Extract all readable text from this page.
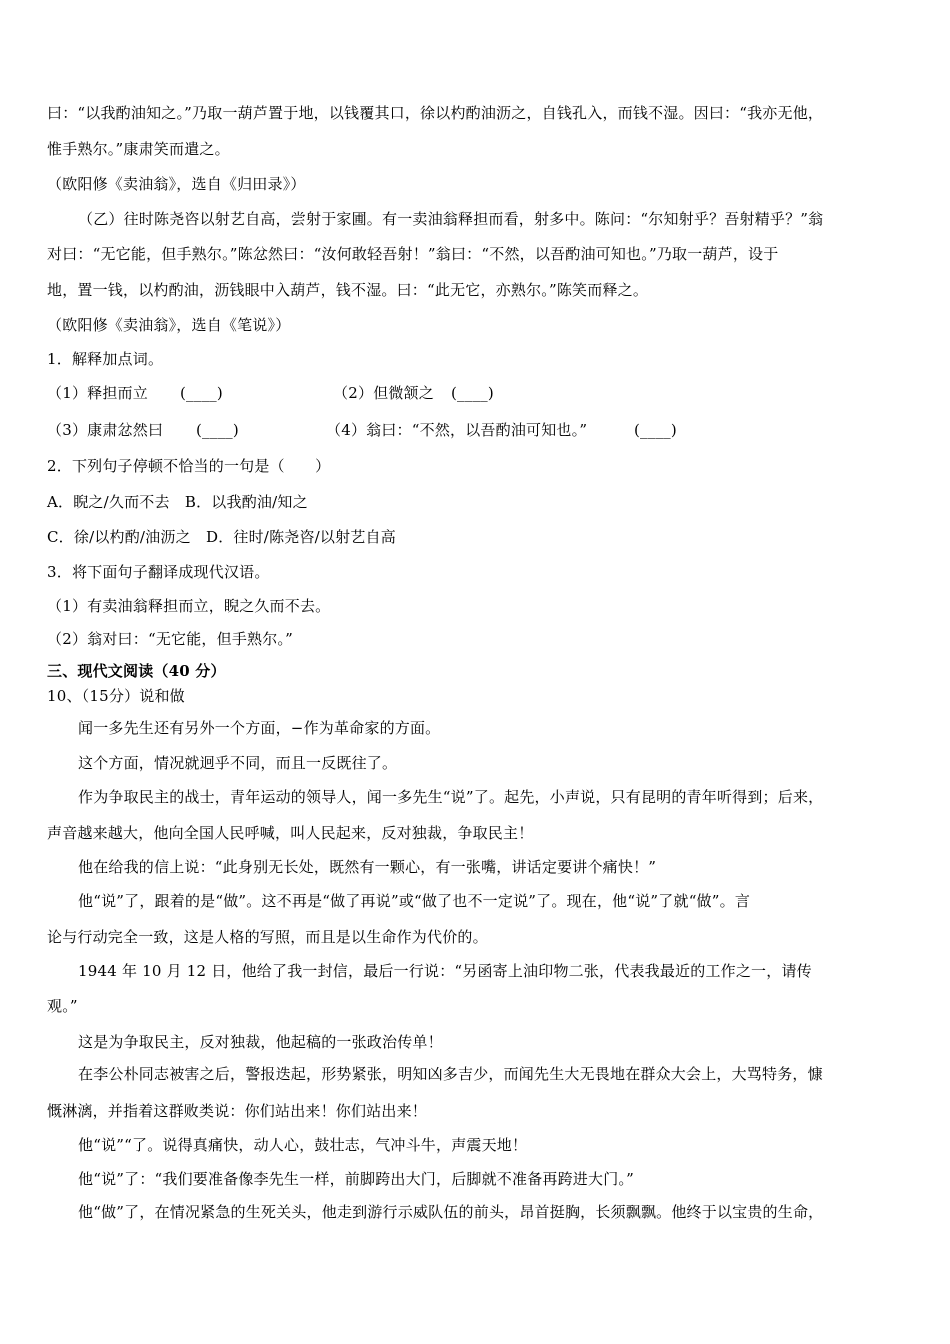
曰：“以我酌油知之。”乃取一葫芦置于地，以钱覆其口，徐以杓酌油沥之，自钱孔入，而钱不湿。因曰：“我亦无他，
惟手熟尔。”康肃笑而遣之。
（欧阳修《卖油翁》，选自《归田录》）
（乙）往时陈尧咨以射艺自高，尝射于家圃。有一卖油翁释担而看，射多中。陈问：“尔知射乎？吾射精乎？”翁
对曰：“无它能，但手熟尔。”陈忿然曰：“汝何敢轻吾射！”翁曰：“不然，以吾酌油可知也。”乃取一葫芦，设于
地，置一钱，以杓酌油，沥钱眼中入葫芦，钱不湿。曰：“此无它，亦熟尔。”陈笑而释之。
（欧阳修《卖油翁》，选自《笔说》）
1．解释加点词。
（1）释担而立 (____)	（2）但微颔之 (____)
（3）康肃忿然曰 (____)	（4）翁曰：“不然，以吾酌油可知也。”	(____)
2．下列句子停顿不恰当的一句是（　　）
A．睨之/久而不去　B．以我酌油/知之
C．徐/以杓酌/油沥之　D．往时/陈尧咨/以射艺自高
3．将下面句子翻译成现代汉语。
（1）有卖油翁释担而立，睨之久而不去。
（2）翁对曰：“无它能，但手熟尔。”
三、现代文阅读（40 分）
10、（15分）说和做
闻一多先生还有另外一个方面，−作为革命家的方面。
这个方面，情况就迥乎不同，而且一反既往了。
作为争取民主的战士，青年运动的领导人，闻一多先生“说”了。起先，小声说，只有昆明的青年听得到；后来，
声音越来越大，他向全国人民呼喊，叫人民起来，反对独裁，争取民主！
他在给我的信上说：“此身别无长处，既然有一颗心，有一张嘴，讲话定要讲个痛快！”
他“说”了，跟着的是“做”。这不再是“做了再说”或“做了也不一定说”了。现在，他“说”了就“做”。言
论与行动完全一致，这是人格的写照，而且是以生命作为代价的。
1944 年 10 月 12 日，他给了我一封信，最后一行说：“另函寄上油印物二张，代表我最近的工作之一，请传
观。”
这是为争取民主，反对独裁，他起稿的一张政治传单！
在李公朴同志被害之后，警报迭起，形势紧张，明知凶多吉少，而闻先生大无畏地在群众大会上，大骂特务，慷
慨淋漓，并指着这群败类说：你们站出来！你们站出来！
他“说”“了。说得真痛快，动人心，鼓壮志，气冲斗牛，声震天地！
他“说”了：“我们要准备像李先生一样，前脚跨出大门，后脚就不准备再跨进大门。”
他“做”了，在情况紧急的生死关头，他走到游行示威队伍的前头，昂首挺胸，长须飘飘。他终于以宝贵的生命，
